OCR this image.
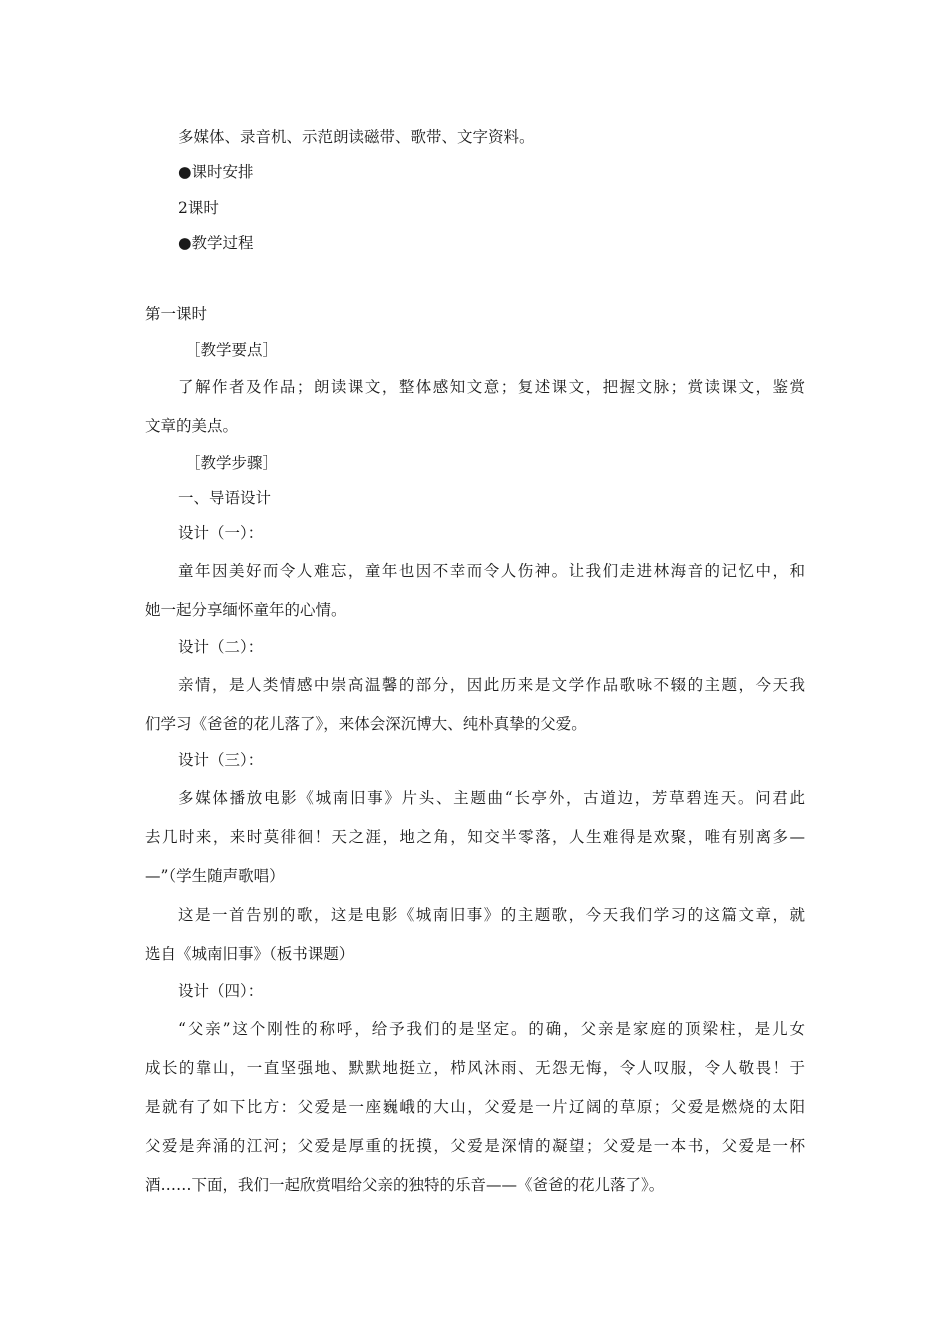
多媒体、录音机、示范朗读磁带、歌带、文字资料。
●课时安排
2课时
●教学过程
第一课时
［教学要点］
了解作者及作品；朗读课文，整体感知文意；复述课文，把握文脉；赏读课文，鉴赏
文章的美点。
［教学步骤］
一、导语设计
设计（一）：
童年因美好而令人难忘，童年也因不幸而令人伤神。让我们走进林海音的记忆中，和
她一起分享缅怀童年的心情。
设计（二）：
亲情，是人类情感中崇高温馨的部分，因此历来是文学作品歌咏不辍的主题，今天我
们学习《爸爸的花儿落了》，来体会深沉博大、纯朴真挚的父爱。
设计（三）：
多媒体播放电影《城南旧事》片头、主题曲“长亭外，古道边，芳草碧连天。问君此
去几时来，来时莫徘徊！天之涯，地之角，知交半零落，人生难得是欢聚，唯有别离多—
—”（学生随声歌唱）
这是一首告别的歌，这是电影《城南旧事》的主题歌，今天我们学习的这篇文章，就
选自《城南旧事》（板书课题）
设计（四）：
“父亲”这个刚性的称呼，给予我们的是坚定。的确，父亲是家庭的顶梁柱，是儿女
成长的靠山，一直坚强地、默默地挺立，栉风沐雨、无怨无悔，令人叹服，令人敬畏！于
是就有了如下比方：父爱是一座巍峨的大山，父爱是一片辽阔的草原；父爱是燃烧的太阳
父爱是奔涌的江河；父爱是厚重的抚摸，父爱是深情的凝望；父爱是一本书，父爱是一杯
酒……下面，我们一起欣赏唱给父亲的独特的乐音——《爸爸的花儿落了》。
